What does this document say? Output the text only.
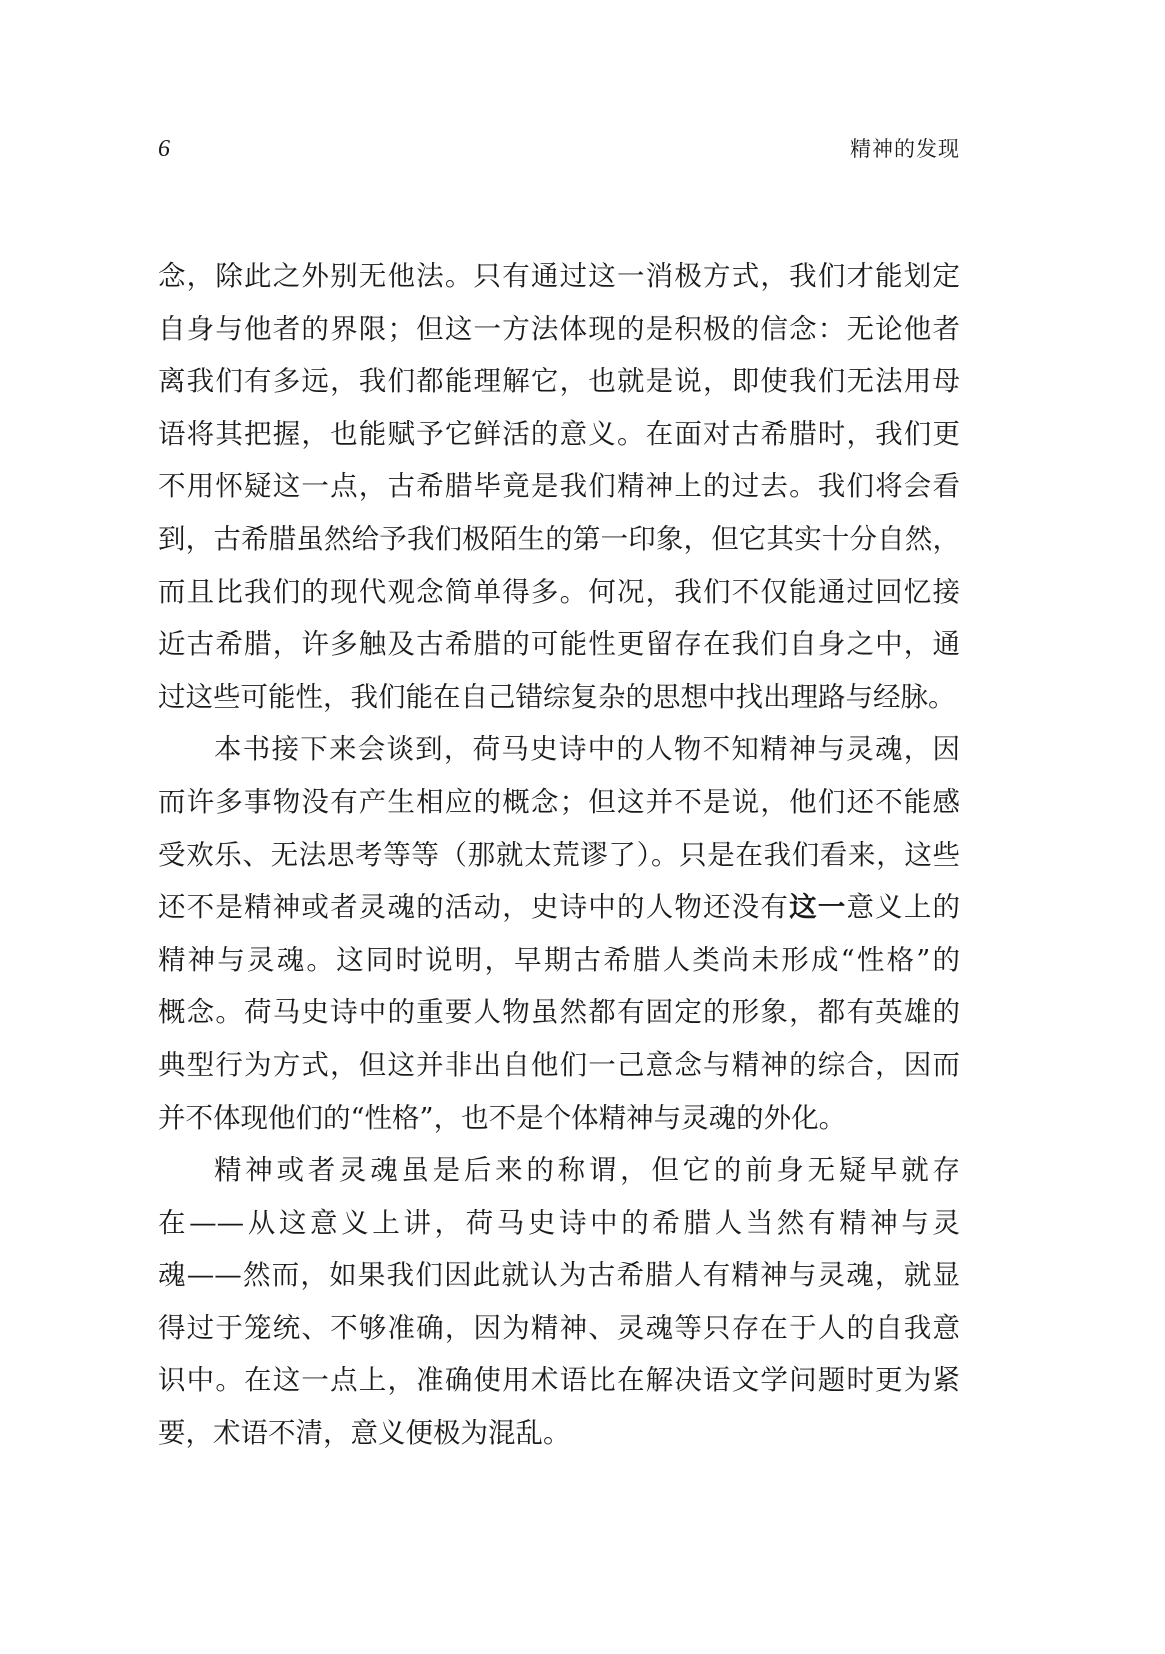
6	精神的发现
念，除此之外别无他法。只有通过这一消极方式，我们才能划定
自身与他者的界限；但这一方法体现的是积极的信念：无论他者
离我们有多远，我们都能理解它，也就是说，即使我们无法用母
语将其把握，也能赋予它鲜活的意义。在面对古希腊时，我们更
不用怀疑这一点，古希腊毕竟是我们精神上的过去。我们将会看
到，古希腊虽然给予我们极陌生的第一印象，但它其实十分自然，
而且比我们的现代观念简单得多。何况，我们不仅能通过回忆接
近古希腊，许多触及古希腊的可能性更留存在我们自身之中，通
过这些可能性，我们能在自己错综复杂的思想中找出理路与经脉。
本书接下来会谈到，荷马史诗中的人物不知精神与灵魂，因
而许多事物没有产生相应的概念；但这并不是说，他们还不能感
受欢乐、无法思考等等（那就太荒谬了）。只是在我们看来，这些
还不是精神或者灵魂的活动，史诗中的人物还没有这一意义上的
精神与灵魂。这同时说明，早期古希腊人类尚未形成“性格”的
概念。荷马史诗中的重要人物虽然都有固定的形象，都有英雄的
典型行为方式，但这并非出自他们一己意念与精神的综合，因而
并不体现他们的“性格”，也不是个体精神与灵魂的外化。
精神或者灵魂虽是后来的称谓，但它的前身无疑早就存
在——从这意义上讲，荷马史诗中的希腊人当然有精神与灵
魂——然而，如果我们因此就认为古希腊人有精神与灵魂，就显
得过于笼统、不够准确，因为精神、灵魂等只存在于人的自我意
识中。在这一点上，准确使用术语比在解决语文学问题时更为紧
要，术语不清，意义便极为混乱。
